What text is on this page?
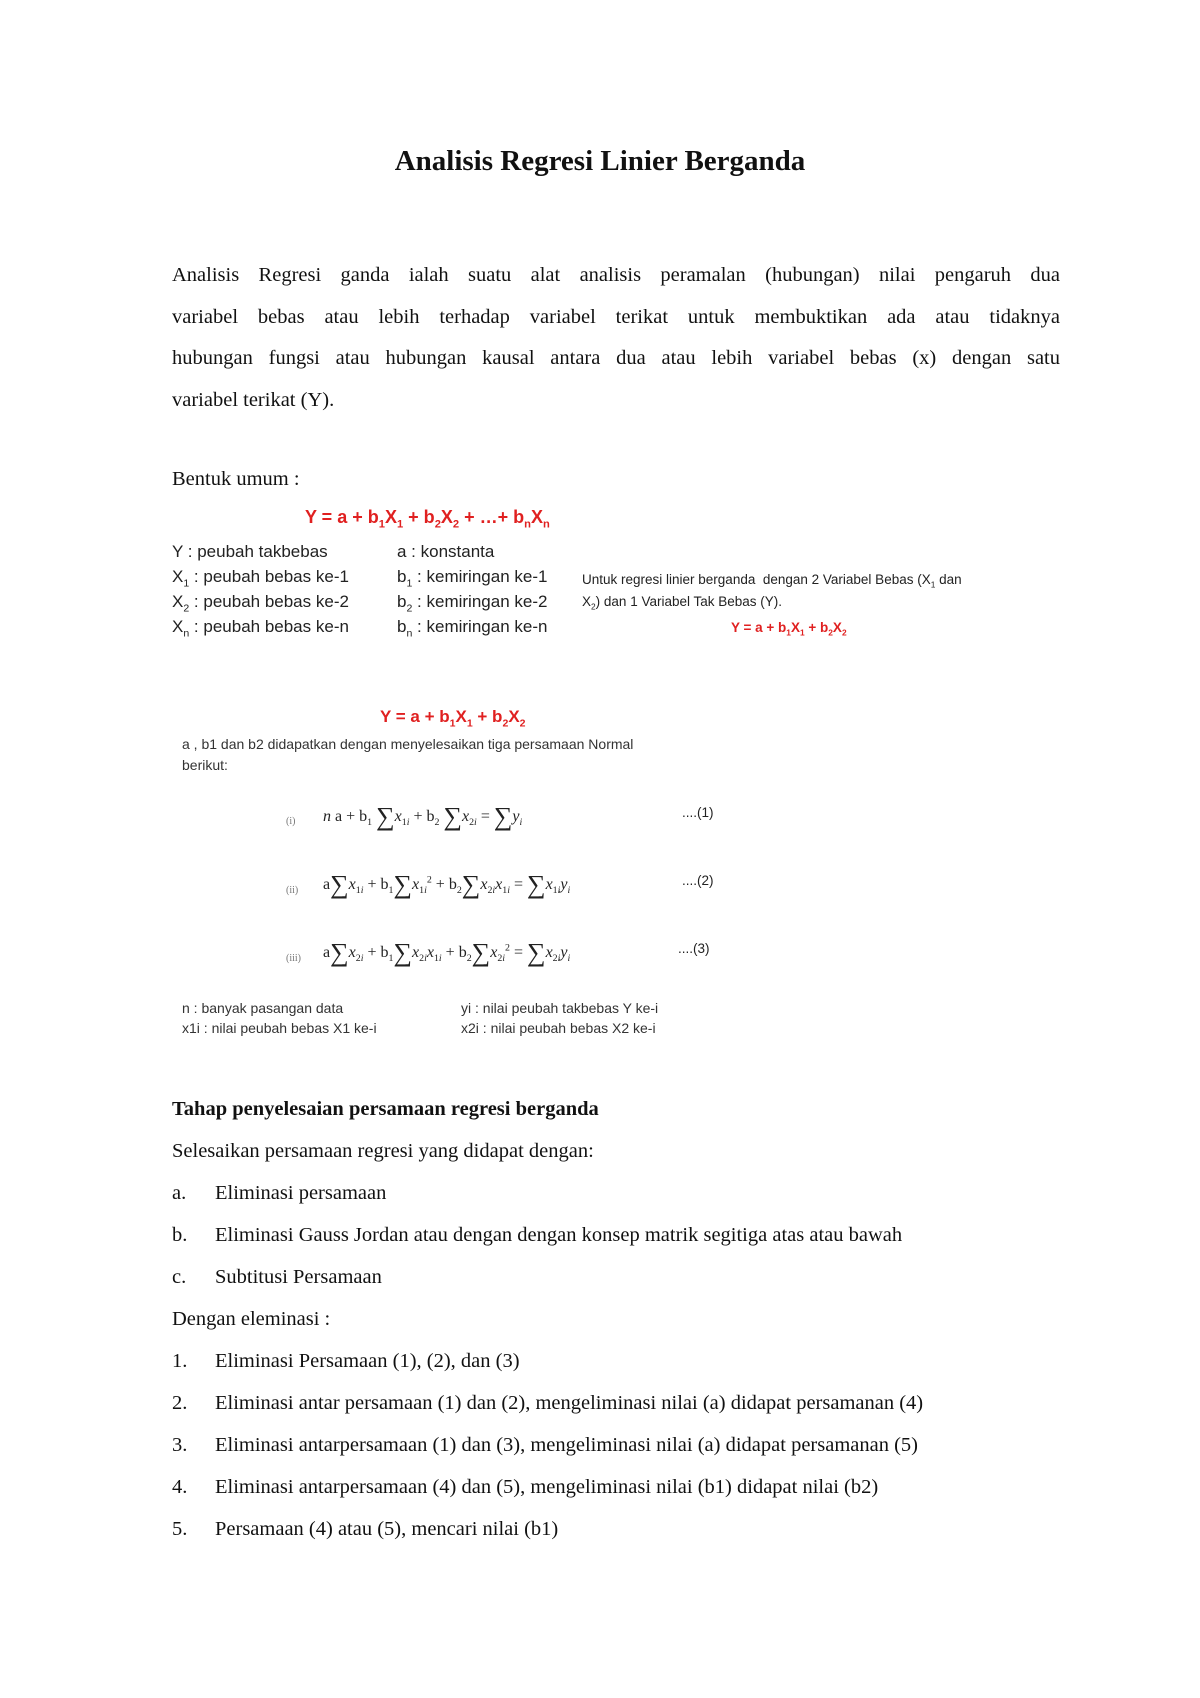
Analisis Regresi Linier Berganda
Analisis Regresi ganda ialah suatu alat analisis peramalan (hubungan) nilai pengaruh dua
variabel bebas atau lebih terhadap variabel terikat untuk membuktikan ada atau tidaknya
hubungan fungsi atau hubungan kausal antara dua atau lebih variabel bebas (x) dengan satu
variabel terikat (Y).
Bentuk umum :
$Y = a + b_1X_1 + b_2X_2$ + …+ $b_nX_n$
Y : peubah takbebas
$X_1$ : peubah bebas ke-1
$X_2$ : peubah bebas ke-2
$X_n$ : peubah bebas ke-n
a : konstanta
$b_1$ : kemiringan ke-1
$b_2$ : kemiringan ke-2
$b_n$ : kemiringan ke-n
Untuk regresi linier berganda  dengan 2 Variabel Bebas ($X_1$ dan
$X_2$) dan 1 Variabel Tak Bebas (Y).
$Y = a + b_1X_1 + b_2X_2$
$Y = a + b_1X_1 + b_2X_2$
a , b1 dan b2 didapatkan dengan menyelesaikan tiga persamaan Normal
berikut:
(i)
(ii)
(iii)
n $a + b_1$ $\sum x_{1i} + b_2$ $\sum x_{2i} = \sum y_i$
....(1)
$a\sum x_{1i} + b_1\sum x_{1i}^2 + b_2\sum x_{2i}x_{1i} = \sum x_{1i}y_i$
....(2)
$a\sum x_{2i} + b_1\sum x_{2i}x_{1i} + b_2\sum x_{2i}^2 = \sum x_{2i}y_i$
....(3)
n : banyak pasangan data	yi : nilai peubah takbebas Y ke-i
x1i : nilai peubah bebas X1 ke-i	x2i : nilai peubah bebas X2 ke-i
Tahap penyelesaian persamaan regresi berganda
Selesaikan persamaan regresi yang didapat dengan:
a. Eliminasi persamaan
b. Eliminasi Gauss Jordan atau dengan dengan konsep matrik segitiga atas atau bawah
c. Subtitusi Persamaan
Dengan eleminasi :
1. Eliminasi Persamaan (1), (2), dan (3)
2. Eliminasi antar persamaan (1) dan (2), mengeliminasi nilai (a) didapat persamanan (4)
3. Eliminasi antarpersamaan (1) dan (3), mengeliminasi nilai (a) didapat persamanan (5)
4. Eliminasi antarpersamaan (4) dan (5), mengeliminasi nilai (b1) didapat nilai (b2)
5. Persamaan (4) atau (5), mencari nilai (b1)
